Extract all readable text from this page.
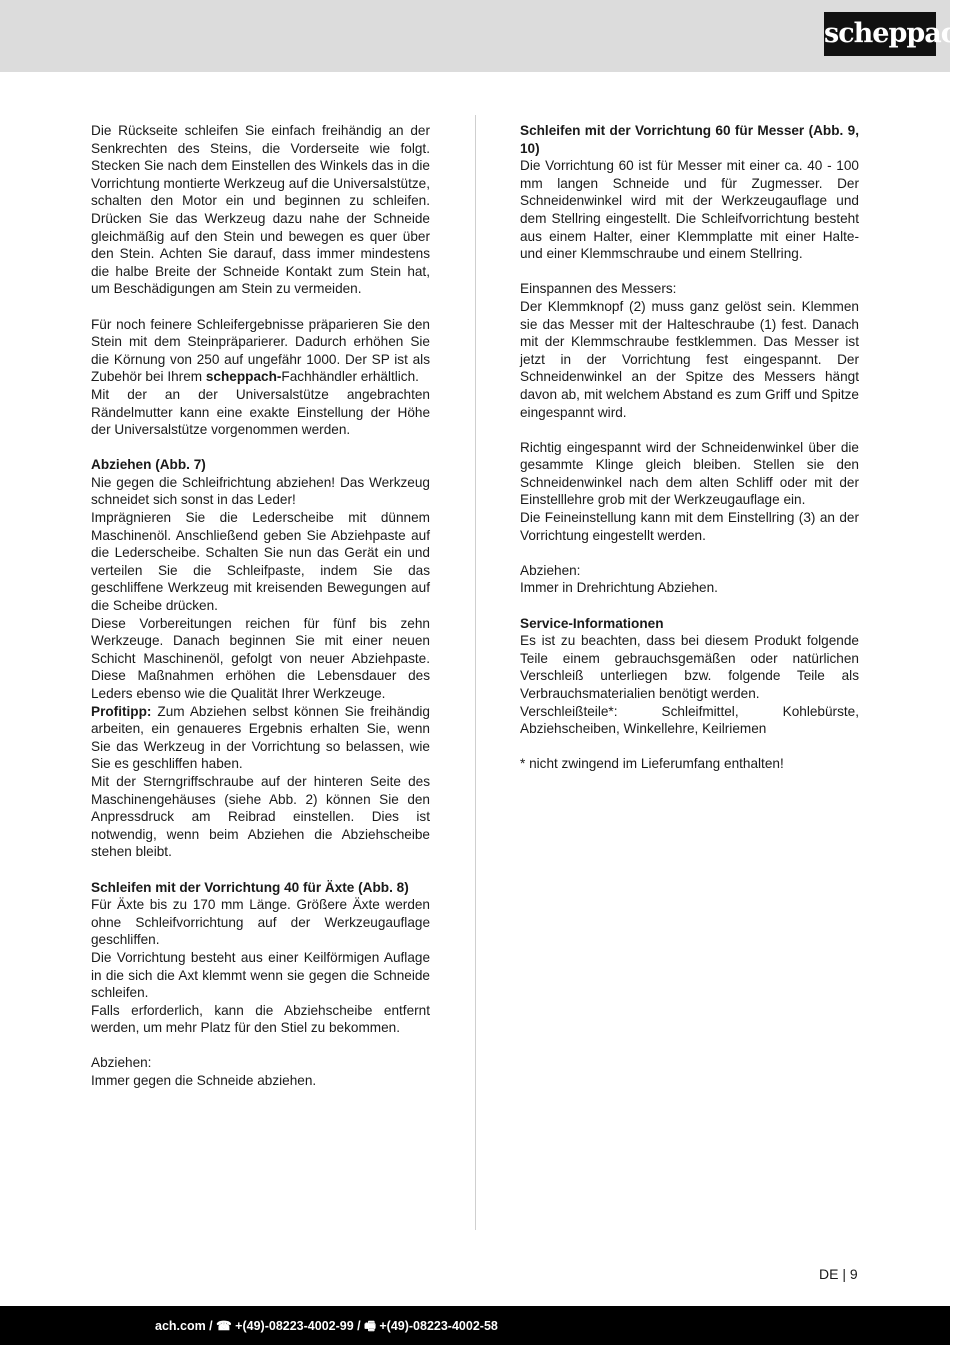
scheppach

Die Rückseite schleifen Sie einfach freihändig an der Senkrechten des Steins, die Vorderseite wie folgt. Stecken Sie nach dem Einstellen des Winkels das in die Vorrichtung montierte Werkzeug auf die Universalstütze, schalten den Motor ein und beginnen zu schleifen. Drücken Sie das Werkzeug dazu nahe der Schneide gleichmäßig auf den Stein und bewegen es quer über den Stein. Achten Sie darauf, dass immer mindestens die halbe Breite der Schneide Kontakt zum Stein hat, um Beschädigungen am Stein zu vermeiden.

Für noch feinere Schleifergebnisse präparieren Sie den Stein mit dem Steinpräparierer. Dadurch erhöhen Sie die Körnung von 250 auf ungefähr 1000. Der SP ist als Zubehör bei Ihrem scheppach-Fachhändler erhältlich.

Mit der an der Universalstütze angebrachten Rändelmutter kann eine exakte Einstellung der Höhe der Universalstütze vorgenommen werden.

Abziehen (Abb. 7)

Nie gegen die Schleifrichtung abziehen! Das Werkzeug schneidet sich sonst in das Leder!

Imprägnieren Sie die Lederscheibe mit dünnem Maschinenöl. Anschließend geben Sie Abziehpaste auf die Lederscheibe. Schalten Sie nun das Gerät ein und verteilen Sie die Schleifpaste, indem Sie das geschliffene Werkzeug mit kreisenden Bewegungen auf die Scheibe drücken.

Diese Vorbereitungen reichen für fünf bis zehn Werkzeuge. Danach beginnen Sie mit einer neuen Schicht Maschinenöl, gefolgt von neuer Abziehpaste. Diese Maßnahmen erhöhen die Lebensdauer des Leders ebenso wie die Qualität Ihrer Werkzeuge.

Profitipp: Zum Abziehen selbst können Sie freihändig arbeiten, ein genaueres Ergebnis erhalten Sie, wenn Sie das Werkzeug in der Vorrichtung so belassen, wie Sie es geschliffen haben.

Mit der Sterngriffschraube auf der hinteren Seite des Maschinengehäuses (siehe Abb. 2) können Sie den Anpressdruck am Reibrad einstellen. Dies ist notwendig, wenn beim Abziehen die Abziehscheibe stehen bleibt.

Schleifen mit der Vorrichtung 40 für Äxte (Abb. 8)

Für Äxte bis zu 170 mm Länge. Größere Äxte werden ohne Schleifvorrichtung auf der Werkzeugauflage geschliffen.

Die Vorrichtung besteht aus einer Keilförmigen Auflage in die sich die Axt klemmt wenn sie gegen die Schneide schleifen.

Falls erforderlich, kann die Abziehscheibe entfernt werden, um mehr Platz für den Stiel zu bekommen.

Abziehen:

Immer gegen die Schneide abziehen.

Schleifen mit der Vorrichtung 60 für Messer (Abb. 9, 10)

Die Vorrichtung 60 ist für Messer mit einer ca. 40 - 100 mm langen Schneide und für Zugmesser. Der Schneidenwinkel wird mit der Werkzeugauflage und dem Stellring eingestellt. Die Schleifvorrichtung besteht aus einem Halter, einer Klemmplatte mit einer Halte- und einer Klemmschraube und einem Stellring.

Einspannen des Messers:

Der Klemmknopf (2) muss ganz gelöst sein. Klemmen sie das Messer mit der Halteschraube (1) fest. Danach mit der Klemmschraube festklemmen. Das Messer ist jetzt in der Vorrichtung fest eingespannt. Der Schneidenwinkel an der Spitze des Messers hängt davon ab, mit welchem Abstand es zum Griff und Spitze eingespannt wird.

Richtig eingespannt wird der Schneidenwinkel über die gesammte Klinge gleich bleiben. Stellen sie den Schneidenwinkel nach dem alten Schliff oder mit der Einstelllehre grob mit der Werkzeugauflage ein.

Die Feineinstellung kann mit dem Einstellring (3) an der Vorrichtung eingestellt werden.

Abziehen:

Immer in Drehrichtung Abziehen.

Service-Informationen

Es ist zu beachten, dass bei diesem Produkt folgende Teile einem gebrauchsgemäßen oder natürlichen Verschleiß unterliegen bzw. folgende Teile als Verbrauchsmaterialien benötigt werden.

Verschleißteile*: Schleifmittel, Kohlebürste, Abziehscheiben, Winkellehre, Keilriemen

* nicht zwingend im Lieferumfang enthalten!

DE | 9
ach.com / ☎ +(49)-08223-4002-99 / 🖷 +(49)-08223-4002-58
